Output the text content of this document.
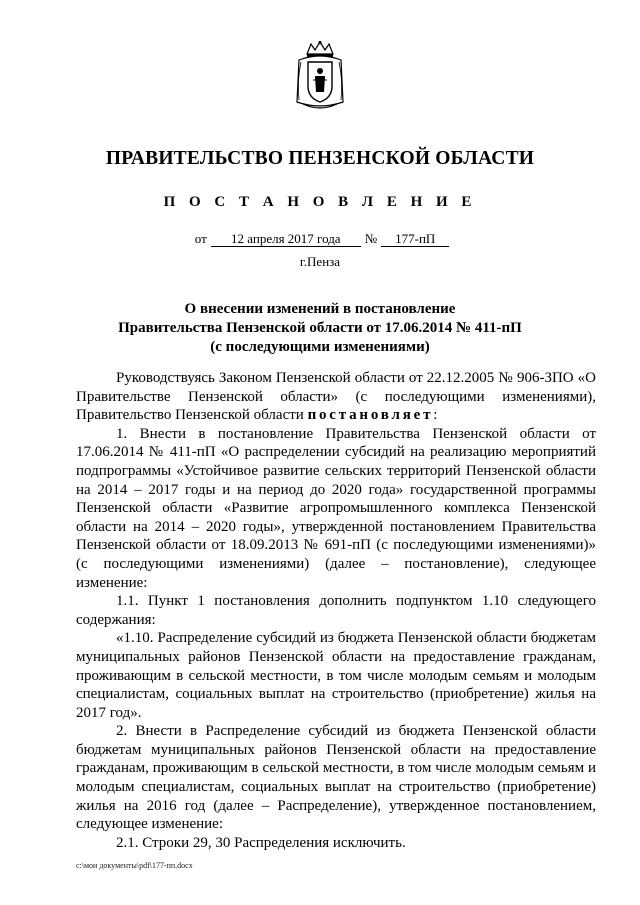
ПРАВИТЕЛЬСТВО ПЕНЗЕНСКОЙ ОБЛАСТИ
П О С Т А Н О В Л Е Н И Е
от 12 апреля 2017 года № 177-пП
г.Пенза
О внесении изменений в постановление
Правительства Пензенской области от 17.06.2014 № 411-пП
(с последующими изменениями)

Руководствуясь Законом Пензенской области от 22.12.2005 № 906-ЗПО «О Правительстве Пензенской области» (с последующими изменениями), Правительство Пензенской области постановляет:

1. Внести в постановление Правительства Пензенской области от 17.06.2014 № 411-пП «О распределении субсидий на реализацию мероприятий подпрограммы «Устойчивое развитие сельских территорий Пензенской области на 2014 – 2017 годы и на период до 2020 года» государственной программы Пензенской области «Развитие агропромышленного комплекса Пензенской области на 2014 – 2020 годы», утвержденной постановлением Правительства Пензенской области от 18.09.2013 № 691-пП (с последующими изменениями)» (с последующими изменениями) (далее – постановление), следующее изменение:

1.1. Пункт 1 постановления дополнить подпунктом 1.10 следующего содержания:

«1.10. Распределение субсидий из бюджета Пензенской области бюджетам муниципальных районов Пензенской области на предоставление гражданам, проживающим в сельской местности, в том числе молодым семьям и молодым специалистам, социальных выплат на строительство (приобретение) жилья на 2017 год».

2. Внести в Распределение субсидий из бюджета Пензенской области бюджетам муниципальных районов Пензенской области на предоставление гражданам, проживающим в сельской местности, в том числе молодым семьям и молодым специалистам, социальных выплат на строительство (приобретение) жилья на 2016 год (далее – Распределение), утвержденное постановлением, следующее изменение:

2.1. Строки 29, 30 Распределения исключить.

c:\мои документы\pdf\177-пп.docx
